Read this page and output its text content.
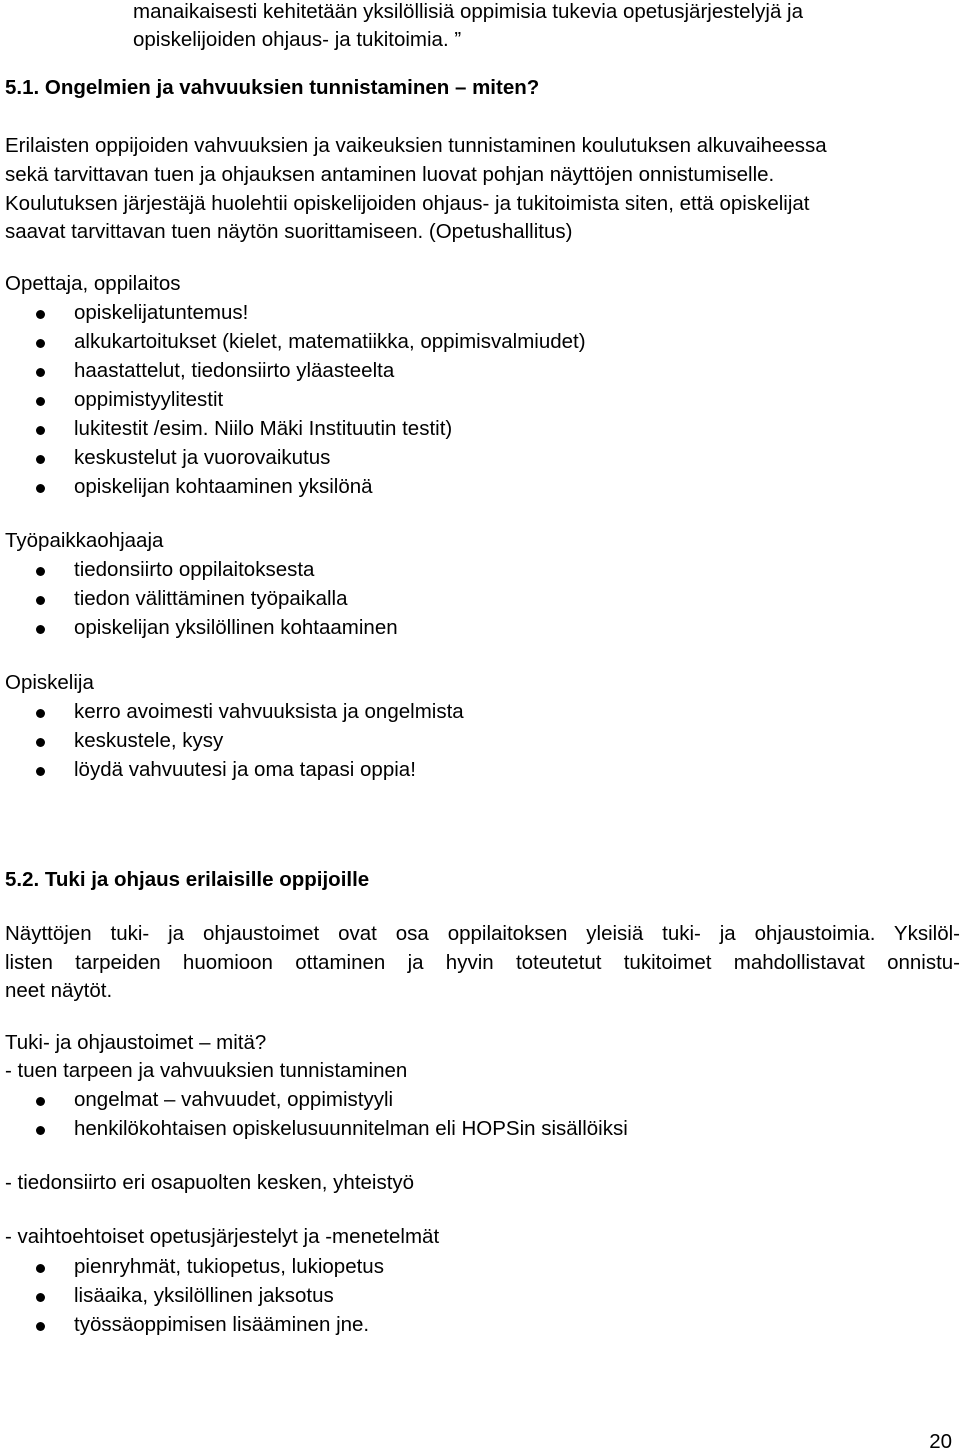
manaikaisesti kehitetään yksilöllisiä oppimisia tukevia opetusjärjestelyjä ja
opiskelijoiden ohjaus- ja tukitoimia. ”
5.1. Ongelmien ja vahvuuksien tunnistaminen – miten?
Erilaisten oppijoiden vahvuuksien ja vaikeuksien tunnistaminen koulutuksen alkuvaiheessa
sekä tarvittavan tuen ja ohjauksen antaminen luovat pohjan näyttöjen onnistumiselle.
Koulutuksen järjestäjä huolehtii opiskelijoiden ohjaus- ja tukitoimista siten, että opiskelijat
saavat tarvittavan tuen näytön suorittamiseen. (Opetushallitus)
Opettaja, oppilaitos
opiskelijatuntemus!
alkukartoitukset (kielet, matematiikka, oppimisvalmiudet)
haastattelut, tiedonsiirto yläasteelta
oppimistyylitestit
lukitestit /esim. Niilo Mäki Instituutin testit)
keskustelut ja vuorovaikutus
opiskelijan kohtaaminen yksilönä
Työpaikkaohjaaja
tiedonsiirto oppilaitoksesta
tiedon välittäminen työpaikalla
opiskelijan yksilöllinen kohtaaminen
Opiskelija
kerro avoimesti vahvuuksista ja ongelmista
keskustele, kysy
löydä vahvuutesi ja oma tapasi oppia!
5.2. Tuki ja ohjaus erilaisille oppijoille
Näyttöjen tuki- ja ohjaustoimet ovat osa oppilaitoksen yleisiä tuki- ja ohjaustoimia. Yksilöl-
listen tarpeiden huomioon ottaminen ja hyvin toteutetut tukitoimet mahdollistavat onnistu-
neet näytöt.
Tuki- ja ohjaustoimet – mitä?
- tuen tarpeen ja vahvuuksien tunnistaminen
ongelmat – vahvuudet, oppimistyyli
henkilökohtaisen opiskelusuunnitelman eli HOPSin sisällöiksi
- tiedonsiirto eri osapuolten kesken, yhteistyö
- vaihtoehtoiset opetusjärjestelyt ja -menetelmät
pienryhmät, tukiopetus, lukiopetus
lisäaika, yksilöllinen jaksotus
työssäoppimisen lisääminen jne.
20
